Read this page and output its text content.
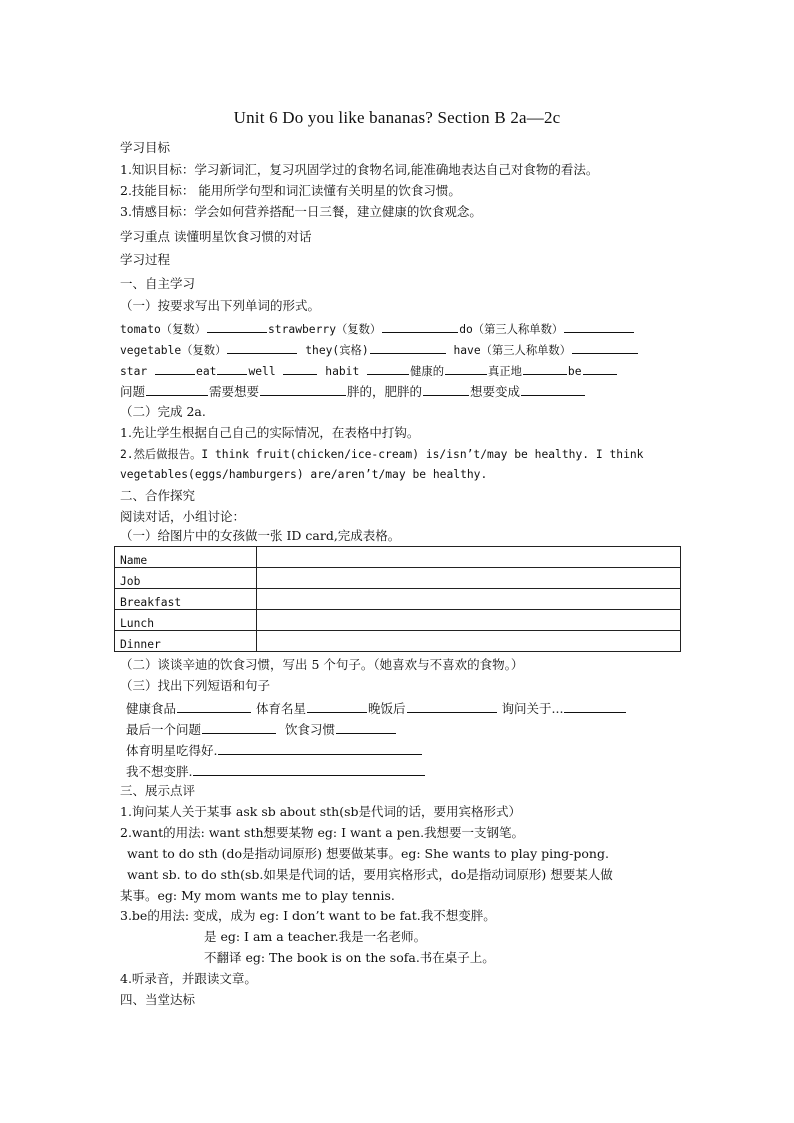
Unit 6 Do you like bananas? Section B 2a—2c
学习目标
1.知识目标：学习新词汇，复习巩固学过的食物名词,能准确地表达自己对食物的看法。
2.技能目标： 能用所学句型和词汇读懂有关明星的饮食习惯。
3.情感目标：学会如何营养搭配一日三餐，建立健康的饮食观念。
学习重点 读懂明星饮食习惯的对话
学习过程
一、自主学习
（一）按要求写出下列单词的形式。
tomato（复数）	strawberry（复数）	do（第三人称单数）
vegetable（复数）	they(宾格)	have（第三人称单数）
star	eat	well	habit	健康的	真正地	be
问题	需要想要	胖的，肥胖的	想要变成
（二）完成 2a.
1.先让学生根据自己自己的实际情况，在表格中打钩。
2.然后做报告。I think fruit(chicken/ice-cream) is/isn’t/may be healthy. I think
vegetables(eggs/hamburgers) are/aren’t/may be healthy.
二、合作探究
阅读对话，小组讨论：
（一）给图片中的女孩做一张 ID card,完成表格。
Name	
Job	
Breakfast	
Lunch	
Dinner	
（二）谈谈辛迪的饮食习惯，写出 5 个句子。（她喜欢与不喜欢的食物。）
（三）找出下列短语和句子
健康食品	体育名星	晚饭后	询问关于...
最后一个问题	饮食习惯
体育明星吃得好.
我不想变胖.
三、展示点评
1.询问某人关于某事 ask sb about sth(sb是代词的话，要用宾格形式）
2.want的用法: want sth想要某物 eg: I want a pen.我想要一支钢笔。
want to do sth (do是指动词原形) 想要做某事。eg: She wants to play ping-pong.
want sb. to do sth(sb.如果是代词的话，要用宾格形式，do是指动词原形) 想要某人做
某事。eg: My mom wants me to play tennis.
3.be的用法: 变成，成为 eg: I don’t want to be fat.我不想变胖。
是 eg: I am a teacher.我是一名老师。
不翻译 eg: The book is on the sofa.书在桌子上。
4.听录音，并跟读文章。
四、当堂达标
